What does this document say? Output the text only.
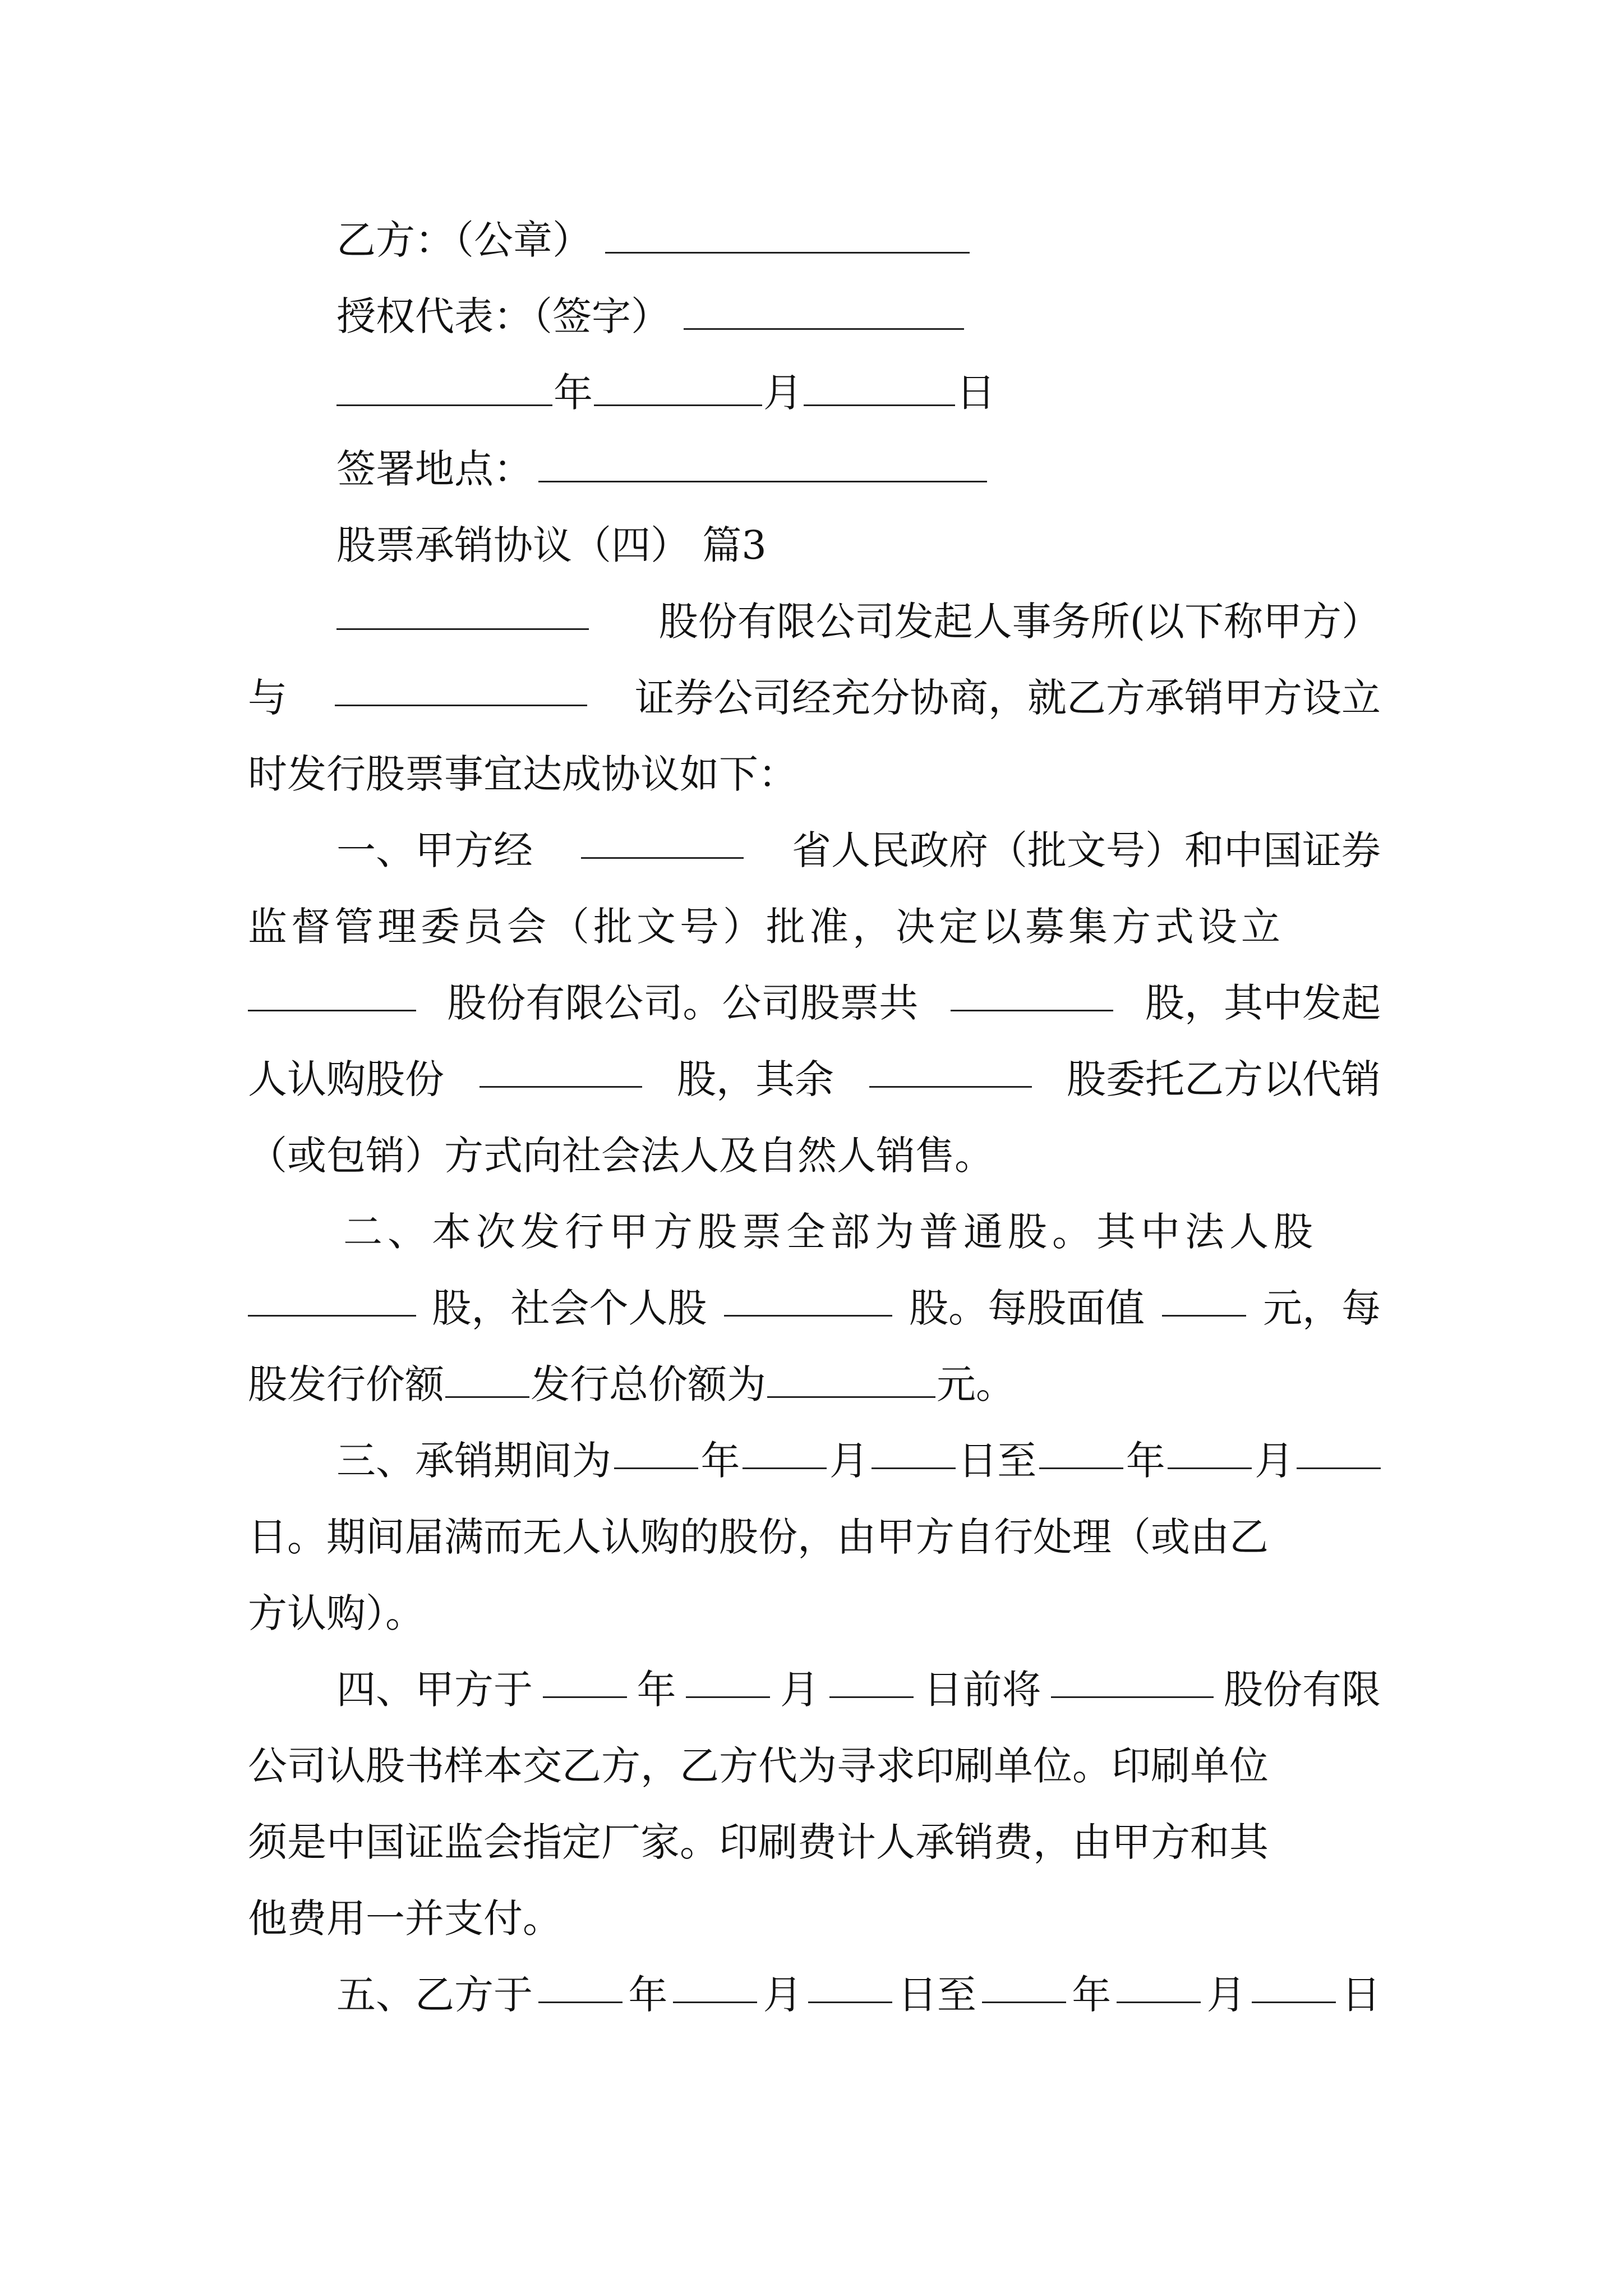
乙方：（公章）
授权代表：（签字）
年	月	日
签署地点：
股票承销协议（四） 篇3
股份有限公司发起人事务所(以下称甲方）
与	证券公司经充分协商，就乙方承销甲方设立
时发行股票事宜达成协议如下：
一、甲方经	省人民政府（批文号）和中国证券
监督管理委员会（批文号）批准，决定以募集方式设立
股份有限公司。公司股票共	股，其中发起
人认购股份	股，其余	股委托乙方以代销
（或包销）方式向社会法人及自然人销售。
二、本次发行甲方股票全部为普通股。其中法人股
股，社会个人股	股。每股面值	元，每
股发行价额 发行总价额为	元。
三、承销期间为 年 月 日至 年 月
日。期间届满而无人认购的股份，由甲方自行处理（或由乙
方认购）。
四、甲方于	年	月	日前将	股份有限
公司认股书样本交乙方，乙方代为寻求印刷单位。印刷单位
须是中国证监会指定厂家。印刷费计人承销费，由甲方和其
他费用一并支付。
五、乙方于 年 月 日至 年 月 日
